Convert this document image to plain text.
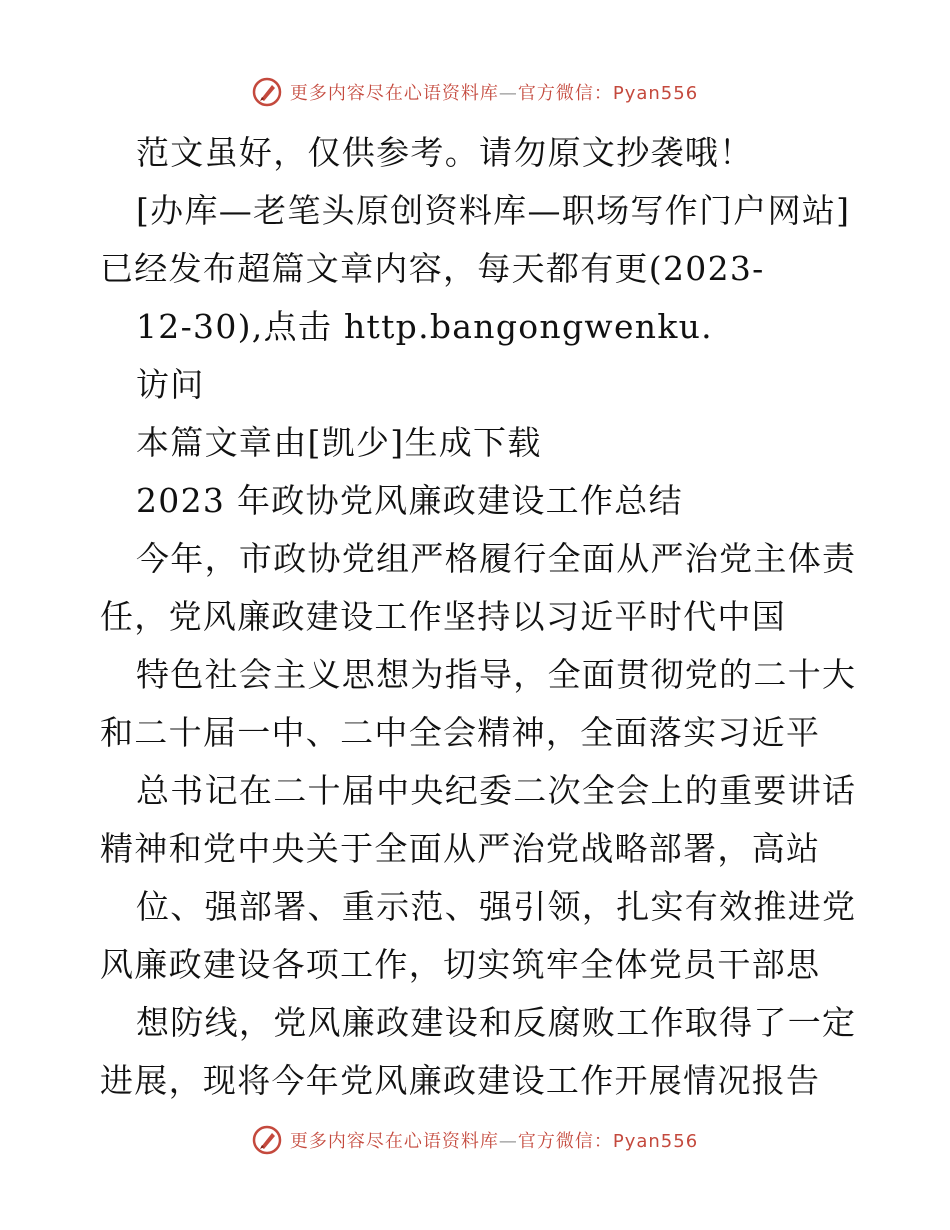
更多内容尽在心语资料库—官方微信：Pyan556
范文虽好，仅供参考。请勿原文抄袭哦！
[办库—老笔头原创资料库—职场写作门户网站]
已经发布超篇文章内容，每天都有更(2023-
12-30),点击 http.bangongwenku.
访问
本篇文章由[凯少]生成下载
2023 年政协党风廉政建设工作总结
今年，市政协党组严格履行全面从严治党主体责
任，党风廉政建设工作坚持以习近平时代中国
特色社会主义思想为指导，全面贯彻党的二十大
和二十届一中、二中全会精神，全面落实习近平
总书记在二十届中央纪委二次全会上的重要讲话
精神和党中央关于全面从严治党战略部署，高站
位、强部署、重示范、强引领，扎实有效推进党
风廉政建设各项工作，切实筑牢全体党员干部思
想防线，党风廉政建设和反腐败工作取得了一定
进展，现将今年党风廉政建设工作开展情况报告
更多内容尽在心语资料库—官方微信：Pyan556
